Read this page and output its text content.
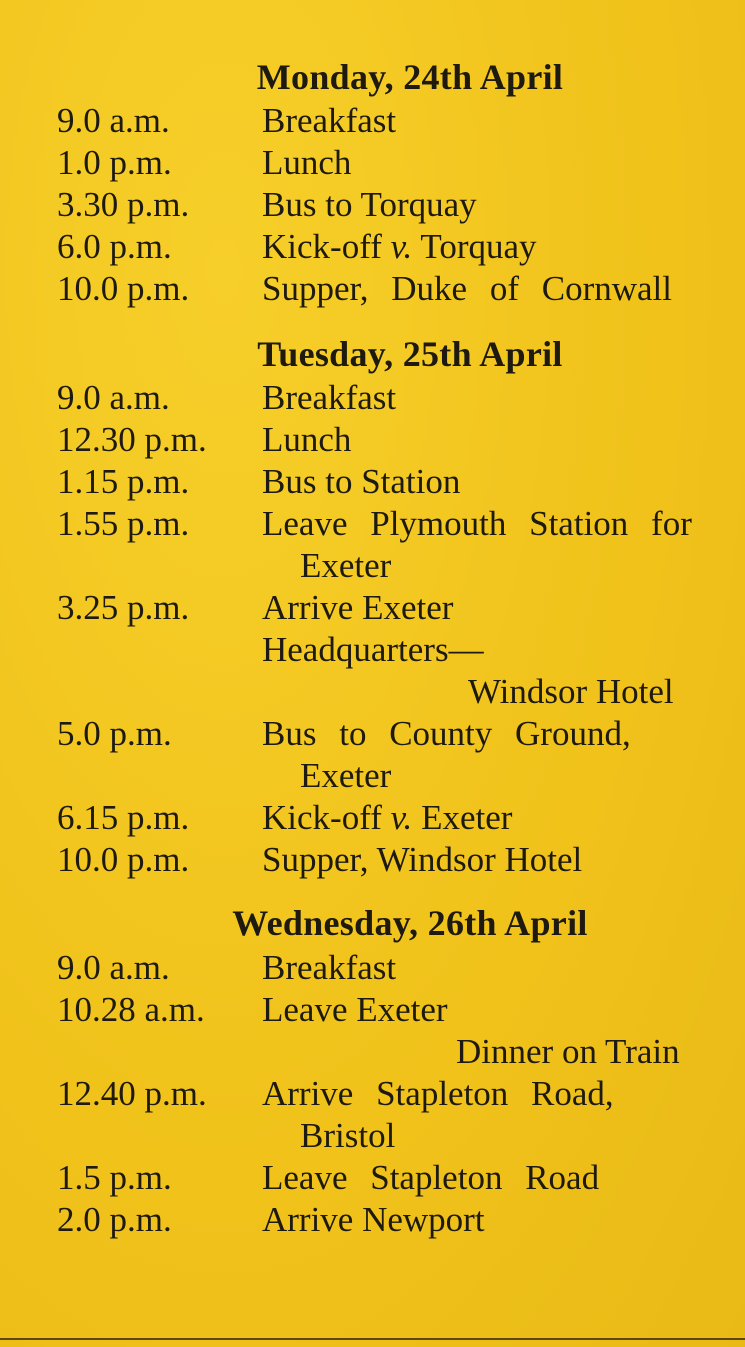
Monday, 24th April
9.0 a.m.	Breakfast
1.0 p.m.	Lunch
3.30 p.m. Bus to Torquay
6.0 p.m.	Kick-off v. Torquay
10.0 p.m. Supper, Duke of Cornwall
Tuesday, 25th April
9.0 a.m.	Breakfast
12.30 p.m. Lunch
1.15 p.m. Bus to Station
1.55 p.m. Leave Plymouth Station for
Exeter
3.25 p.m. Arrive Exeter
Headquarters—
Windsor Hotel
5.0 p.m.	Bus to County Ground,
Exeter
6.15 p.m. Kick-off v. Exeter
10.0 p.m. Supper, Windsor Hotel
Wednesday, 26th April
9.0 a.m.	Breakfast
10.28 a.m. Leave Exeter
Dinner on Train
12.40 p.m. Arrive Stapleton Road,
Bristol
1.5 p.m.	Leave Stapleton Road
2.0 p.m.	Arrive Newport
